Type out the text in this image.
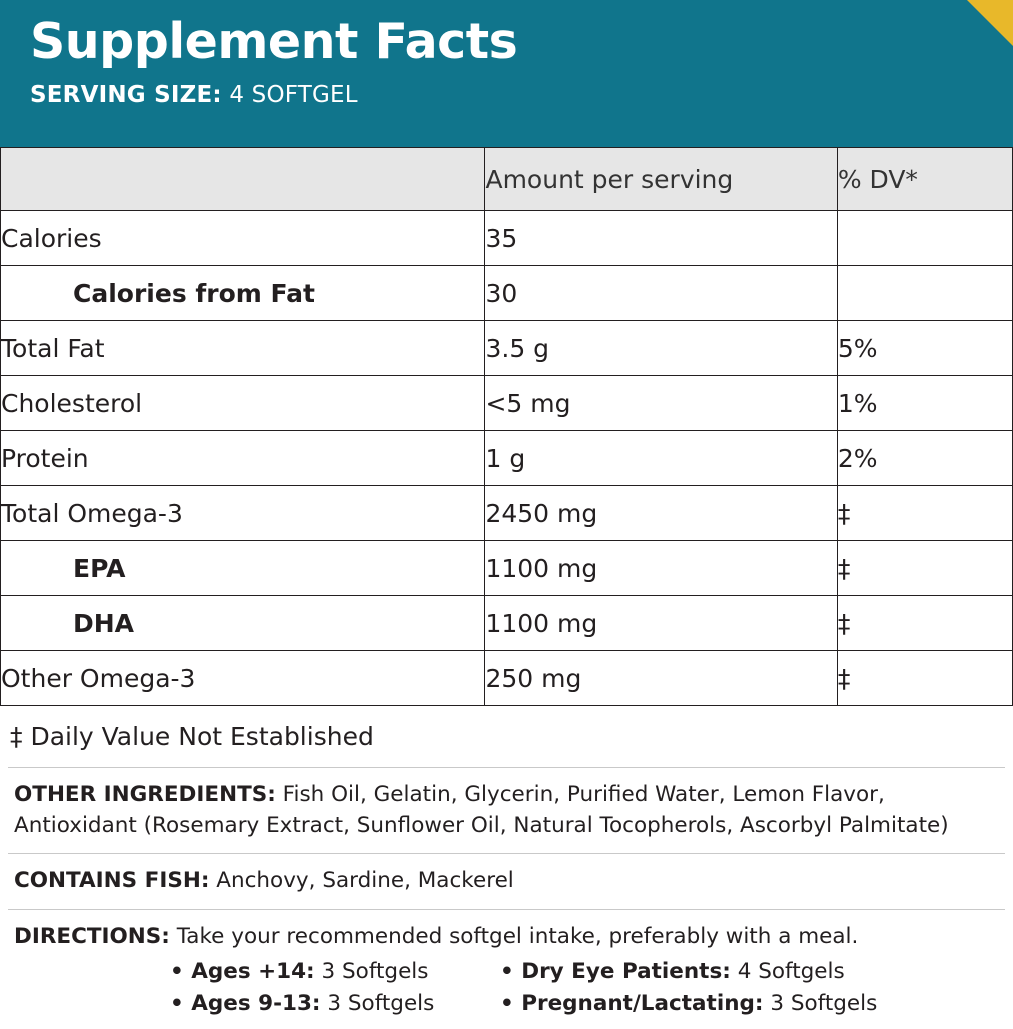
Supplement Facts
SERVING SIZE: 4 SOFTGEL
	Amount per serving	% DV*
Calories	35	
Calories from Fat	30	
Total Fat	3.5 g	5%
Cholesterol	<5 mg	1%
Protein	1 g	2%
Total Omega-3	2450 mg	‡
EPA	1100 mg	‡
DHA	1100 mg	‡
Other Omega-3	250 mg	‡
‡ Daily Value Not Established
OTHER INGREDIENTS: Fish Oil, Gelatin, Glycerin, Purified Water, Lemon Flavor, Antioxidant (Rosemary Extract, Sunflower Oil, Natural Tocopherols, Ascorbyl Palmitate)
CONTAINS FISH: Anchovy, Sardine, Mackerel
DIRECTIONS: Take your recommended softgel intake, preferably with a meal.
• Ages +14: 3 Softgels
• Ages 9-13: 3 Softgels
• Dry Eye Patients: 4 Softgels
• Pregnant/Lactating: 3 Softgels
